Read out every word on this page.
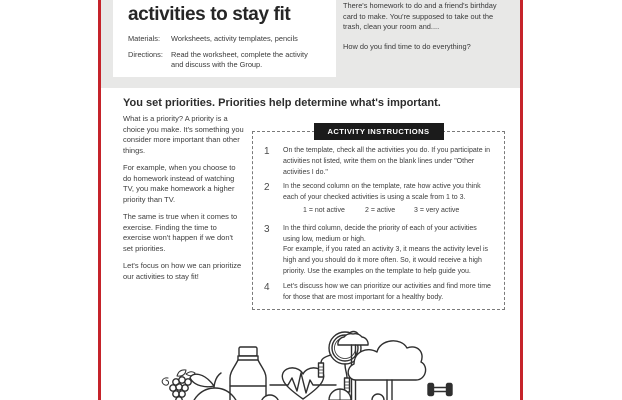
activities to stay fit
Materials:	Worksheets, activity templates, pencils
Directions:	Read the worksheet, complete the activity and discuss with the Group.

There's homework to do and a friend's birthday card to make. You're supposed to take out the trash, clean your room and....

How do you find time to do everything?

You set priorities. Priorities help determine what's important.

What is a priority? A priority is a choice you make. It's something you consider more important than other things.

For example, when you choose to do homework instead of watching TV, you make homework a higher priority than TV.

The same is true when it comes to exercise. Finding the time to exercise won't happen if we don't set priorities.

Let's focus on how we can prioritize our activities to stay fit!

ACTIVITY INSTRUCTIONS
1	On the template, check all the activities you do. If you participate in activities not listed, write them on the blank lines under "Other activities I do."

2	In the second column on the template, rate how active you think each of your checked activities is using a scale from 1 to 3.

1 = not active	2 = active	3 = very active
3	In the third column, decide the priority of each of your activities using low, medium or high.

For example, if you rated an activity 3, it means the activity level is high and you should do it more often. So, it would receive a high priority. Use the examples on the template to help guide you.

4	Let's discuss how we can prioritize our activities and find more time for those that are most important for a healthy body.
